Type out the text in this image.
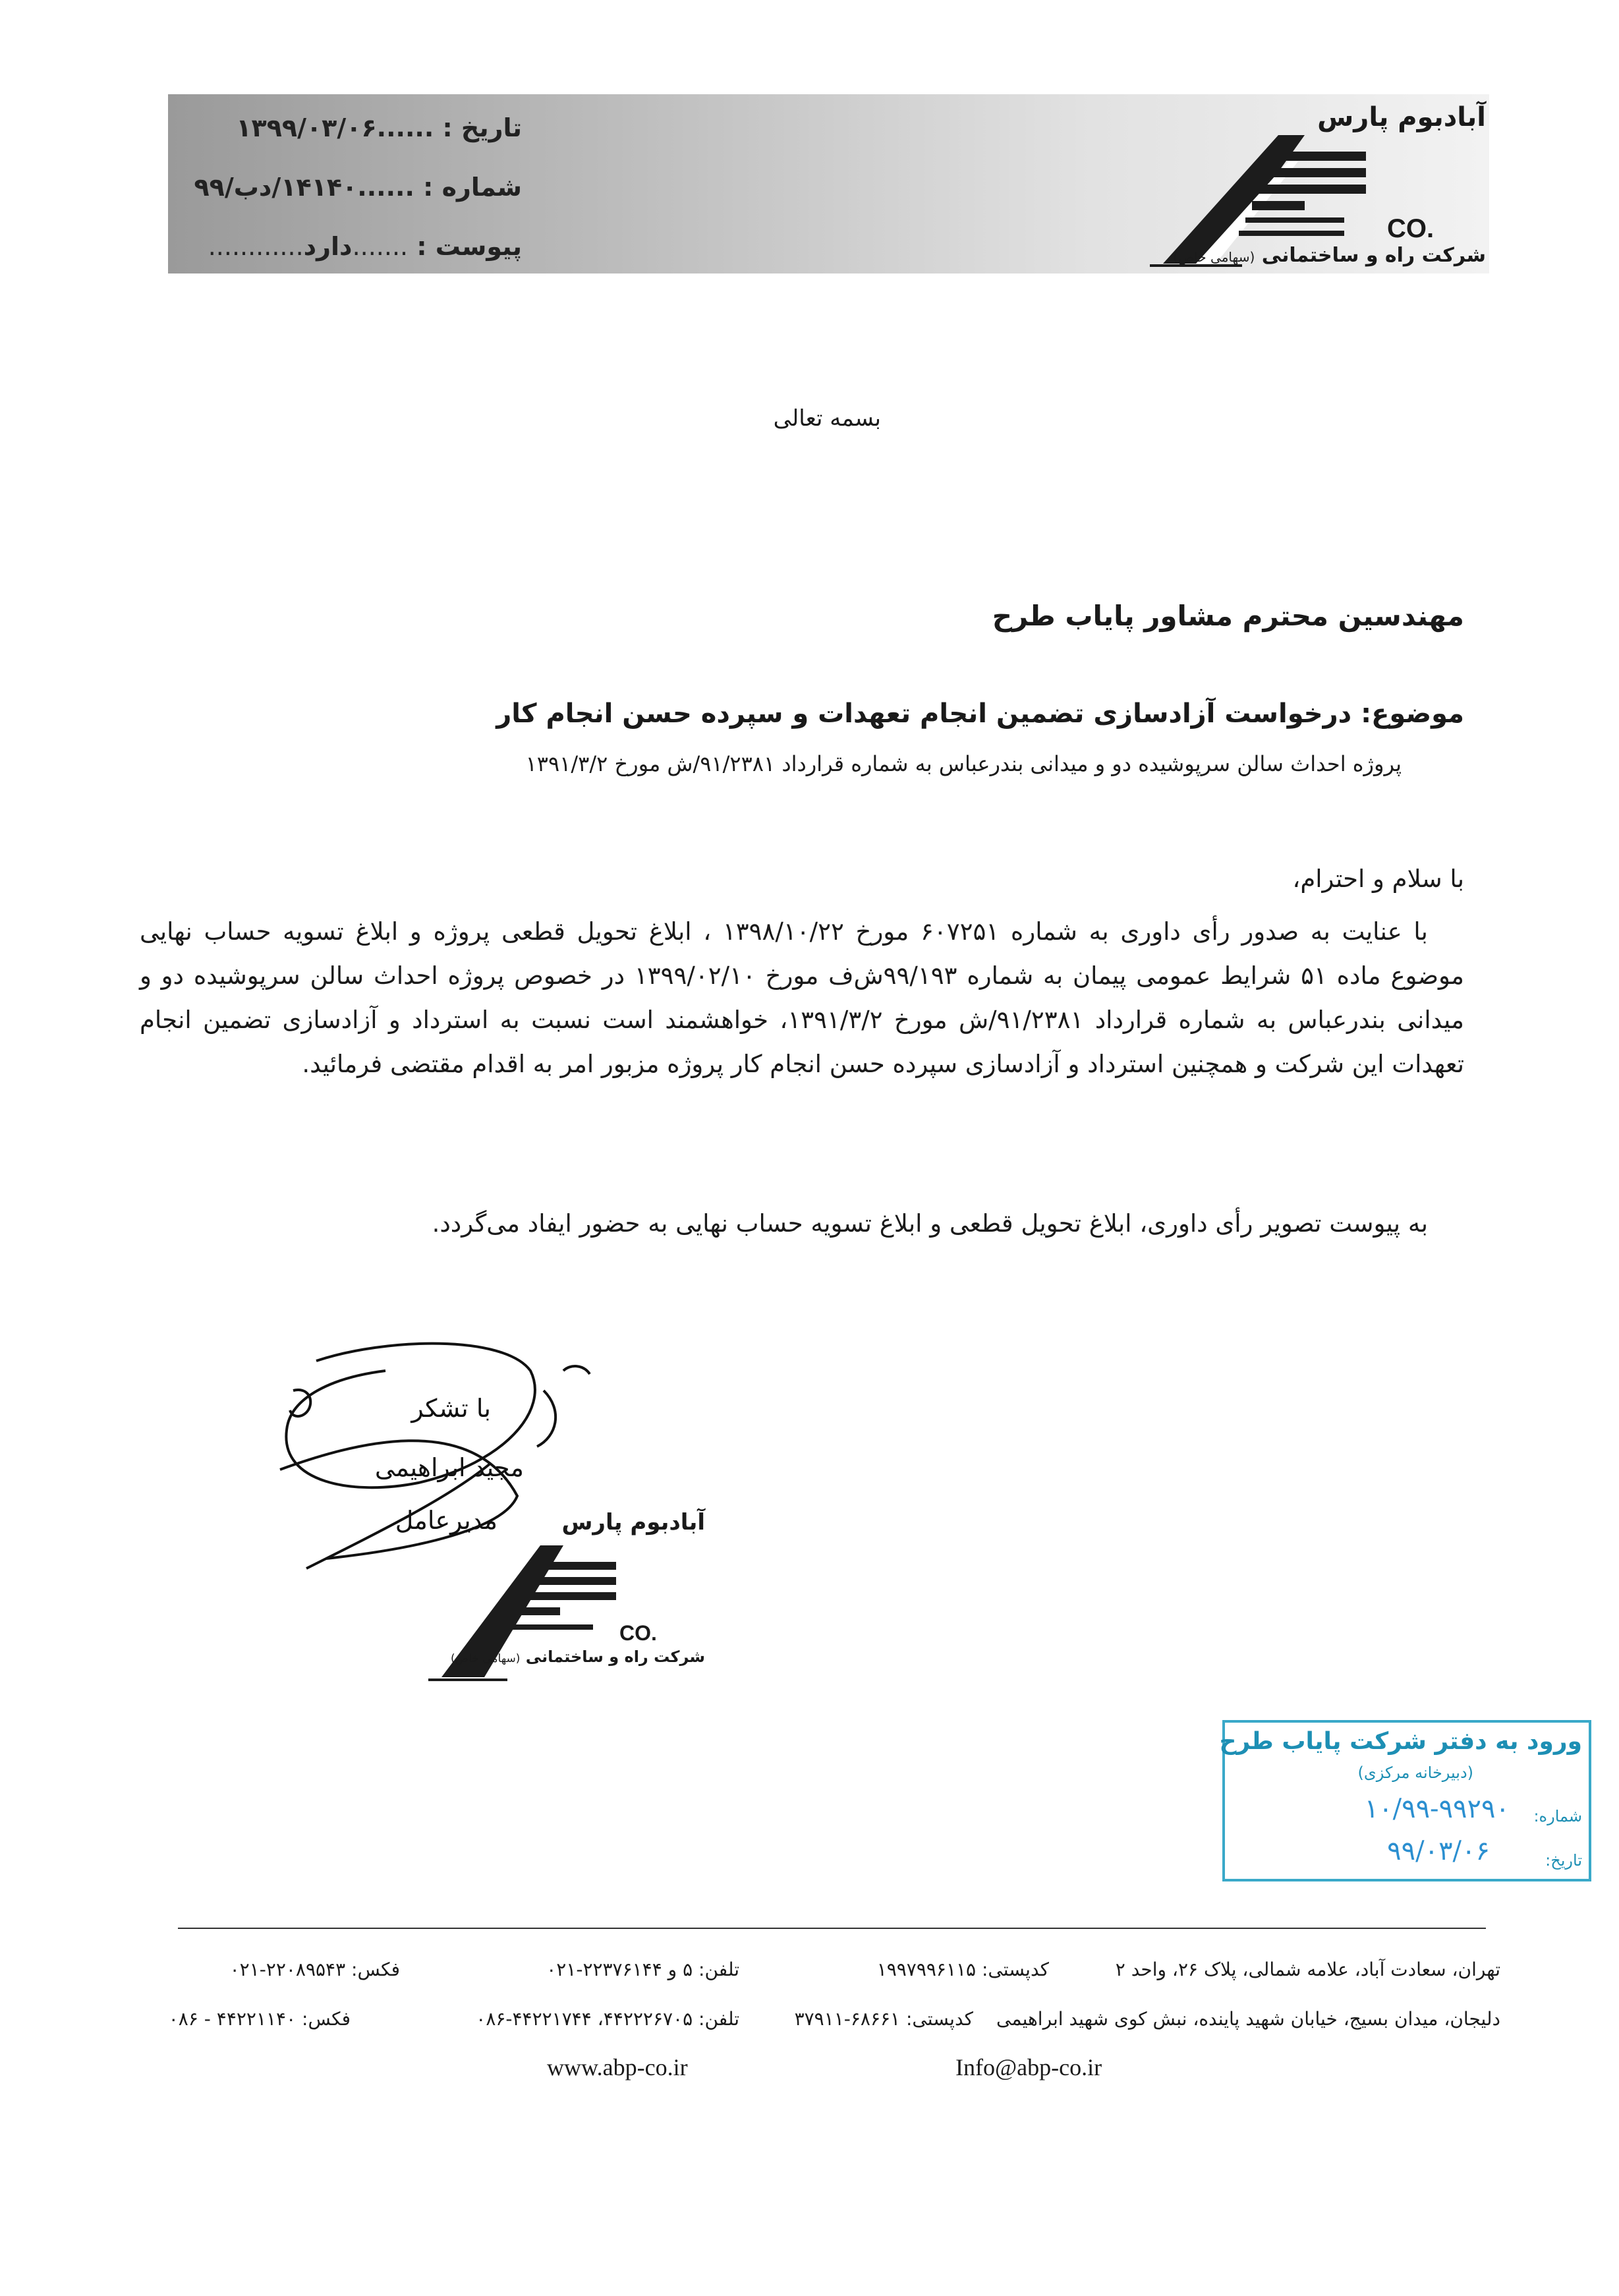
تاریخ : ......۱۳۹۹/۰۳/۰۶
شماره : ......۱۴۱۴۰/دب/۹۹
پیوست : .......دارد............
آبادبوم پارس
CO.
شرکت راه و ساختمانی (سهامی خاص)
بسمه تعالی
مهندسین محترم مشاور پایاب طرح
موضوع: درخواست آزادسازی تضمین انجام تعهدات و سپرده حسن انجام کار
پروژه احداث سالن سرپوشیده دو و میدانی بندرعباس به شماره قرارداد ۹۱/۲۳۸۱/ش مورخ ۱۳۹۱/۳/۲
با سلام و احترام،
با عنایت به صدور رأی داوری به شماره ۶۰۷۲۵۱ مورخ ۱۳۹۸/۱۰/۲۲ ، ابلاغ تحویل قطعی پروژه و ابلاغ تسویه حساب نهایی موضوع ماده ۵۱ شرایط عمومی پیمان به شماره ۹۹/۱۹۳ش‌ف مورخ ۱۳۹۹/۰۲/۱۰ در خصوص پروژه احداث سالن سرپوشیده دو و میدانی بندرعباس به شماره قرارداد ۹۱/۲۳۸۱/ش مورخ ۱۳۹۱/۳/۲، خواهشمند است نسبت به استرداد و آزادسازی تضمین انجام تعهدات این شرکت و همچنین استرداد و آزادسازی سپرده حسن انجام کار پروژه مزبور امر به اقدام مقتضی فرمائید.
به پیوست تصویر رأی داوری، ابلاغ تحویل قطعی و ابلاغ تسویه حساب نهایی به حضور ایفاد می‌گردد.
با تشکر
مجید ابراهیمی
مدیرعامل	آبادبوم پارس
CO.
شرکت راه و ساختمانی (سهامی خاص)
ورود به دفتر شرکت پایاب طرح
(دبیرخانه مرکزی)
شماره:
۱۰/۹۹-۹۹۲۹۰
تاریخ:
۹۹/۰۳/۰۶
تهران، سعادت آباد، علامه شمالی، پلاک ۲۶، واحد ۲
کدپستی: ۱۹۹۷۹۹۶۱۱۵
تلفن: ۵ و ۲۲۳۷۶۱۴۴-۰۲۱
فکس: ۲۲۰۸۹۵۴۳-۰۲۱
دلیجان، میدان بسیج، خیابان شهید پاینده، نبش کوی شهید ابراهیمی
کدپستی: ۶۸۶۶۱-۳۷۹۱۱
تلفن: ۴۴۲۲۲۶۷۰۵، ۴۴۲۲۱۷۴۴-۰۸۶
فکس: ۴۴۲۲۱۱۴۰ - ۰۸۶
www.abp-co.ir	Info@abp-co.ir
